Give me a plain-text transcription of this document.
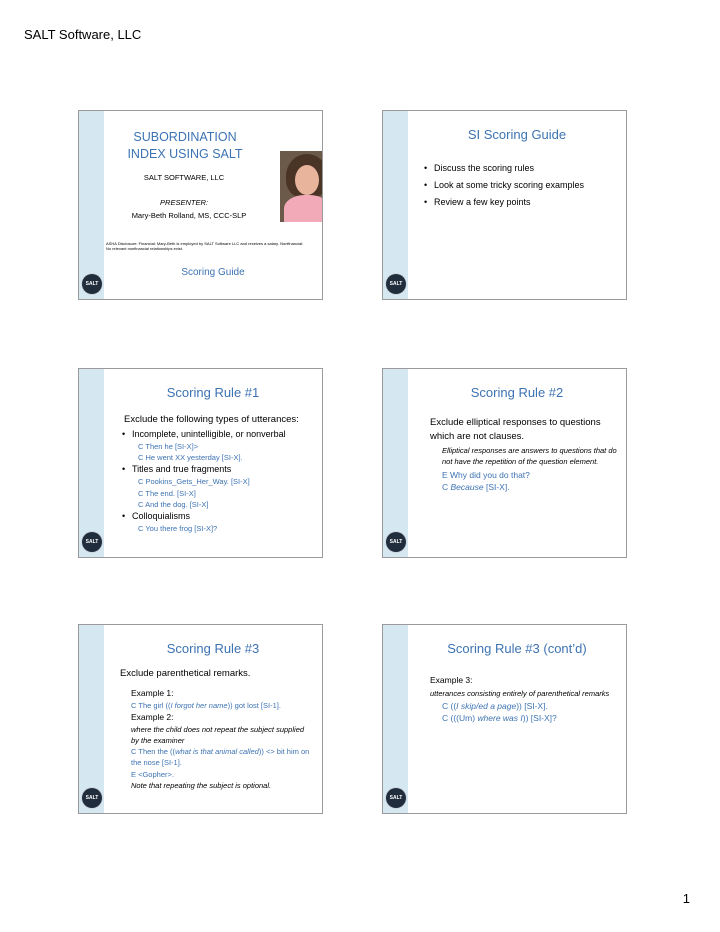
SALT Software, LLC
SALT
SUBORDINATION INDEX USING SALT
SALT SOFTWARE, LLC
PRESENTER:
Mary-Beth Rolland, MS, CCC-SLP
ASHA Disclosure: Financial: Mary-Beth is employed by SALT Software LLC and receives a salary. Nonfinancial: No relevant nonfinancial relationships exist.
Scoring Guide
SALT
SI Scoring Guide
• Discuss the scoring rules
• Look at some tricky scoring examples
• Review a few key points
SALT
Scoring Rule #1
Exclude the following types of utterances:
• Incomplete, unintelligible, or nonverbal
C Then he [SI-X]>
C He went XX yesterday [SI-X].
• Titles and true fragments
C Pookins_Gets_Her_Way. [SI-X]
C The end. [SI-X]
C And the dog. [SI-X]
• Colloquialisms
C You there frog [SI-X]?
SALT
Scoring Rule #2
Exclude elliptical responses to questions which are not clauses.
Elliptical responses are answers to questions that do not have the repetition of the question element.
E Why did you do that?
C Because [SI-X].
SALT
Scoring Rule #3
Exclude parenthetical remarks.
Example 1:
C The girl ((I forgot her name)) got lost [SI-1].
Example 2:
where the child does not repeat the subject supplied by the examiner
C Then the ((what is that animal called)) <> bit him on the nose [SI-1].
E <Gopher>.
Note that repeating the subject is optional.
SALT
Scoring Rule #3 (cont’d)
Example 3:
utterances consisting entirely of parenthetical remarks
C ((I skip/ed a page)) [SI-X].
C (((Um) where was I)) [SI-X]?
1
